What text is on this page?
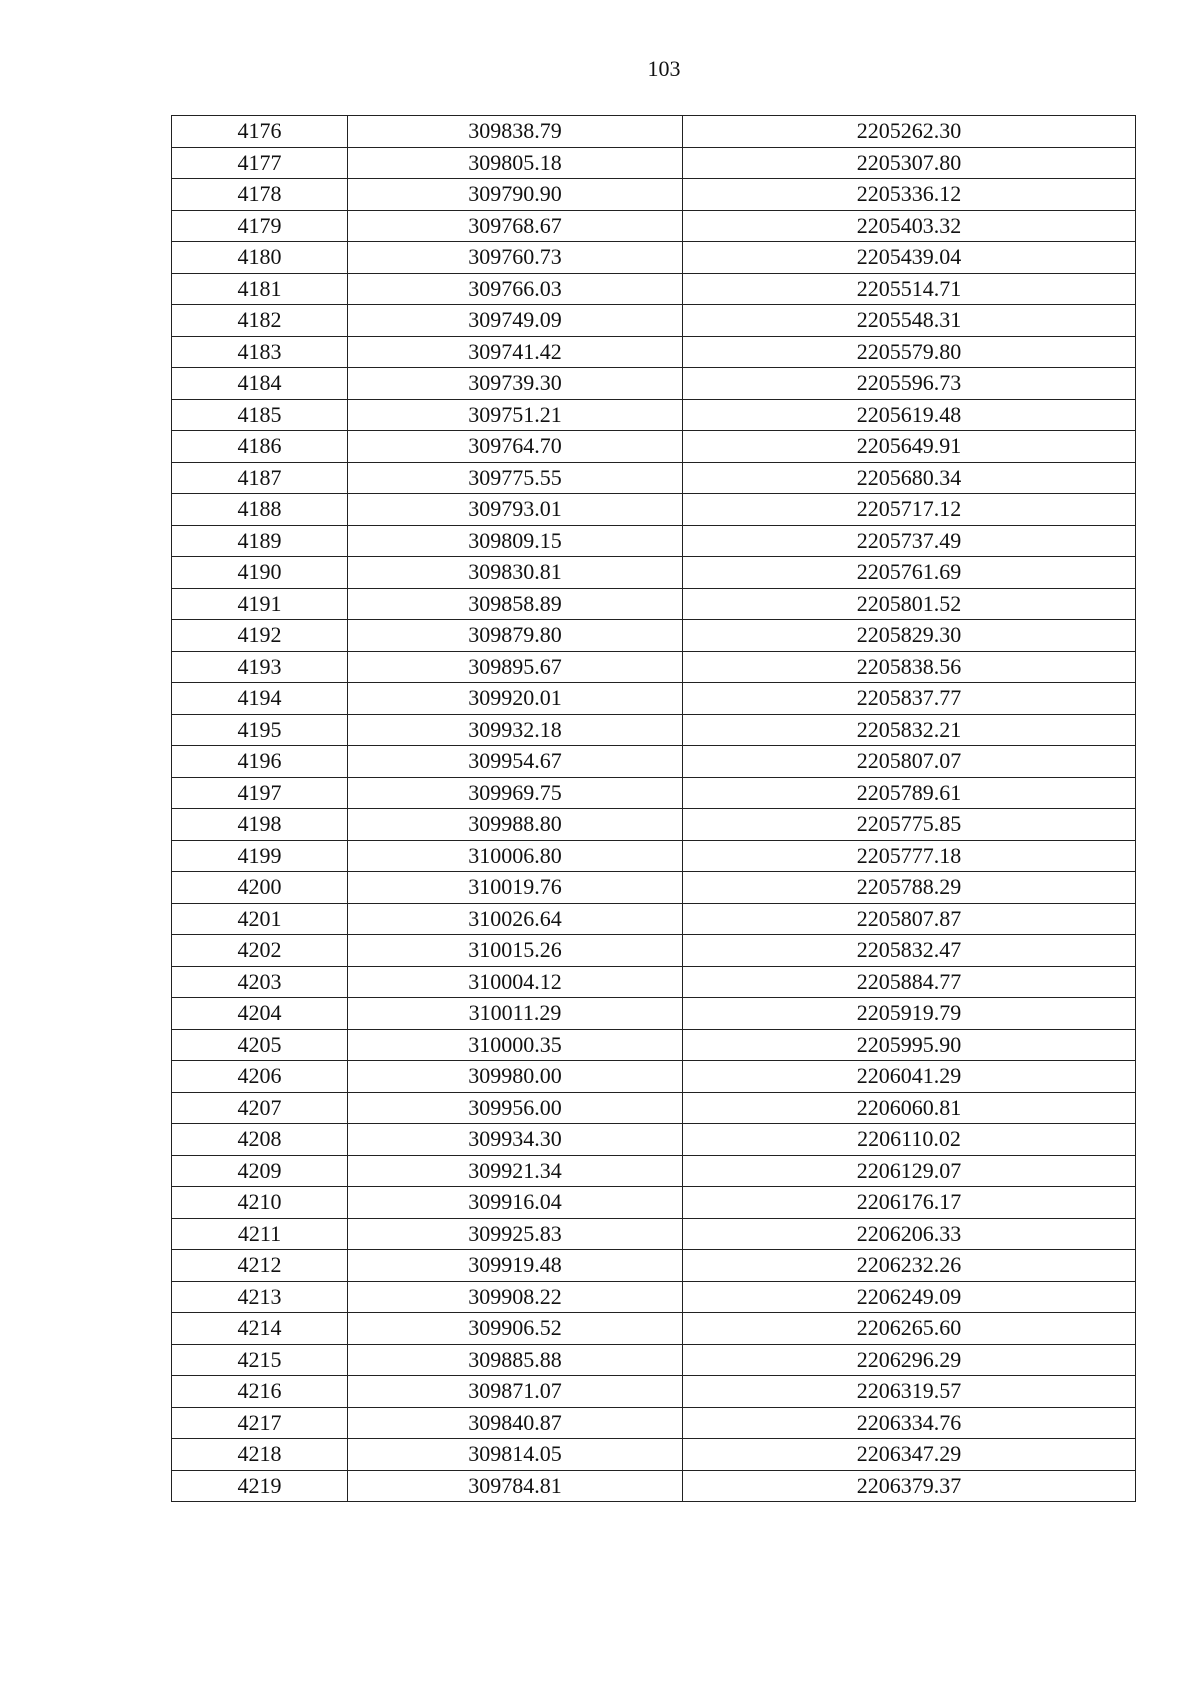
103
4176	309838.79	2205262.30
4177	309805.18	2205307.80
4178	309790.90	2205336.12
4179	309768.67	2205403.32
4180	309760.73	2205439.04
4181	309766.03	2205514.71
4182	309749.09	2205548.31
4183	309741.42	2205579.80
4184	309739.30	2205596.73
4185	309751.21	2205619.48
4186	309764.70	2205649.91
4187	309775.55	2205680.34
4188	309793.01	2205717.12
4189	309809.15	2205737.49
4190	309830.81	2205761.69
4191	309858.89	2205801.52
4192	309879.80	2205829.30
4193	309895.67	2205838.56
4194	309920.01	2205837.77
4195	309932.18	2205832.21
4196	309954.67	2205807.07
4197	309969.75	2205789.61
4198	309988.80	2205775.85
4199	310006.80	2205777.18
4200	310019.76	2205788.29
4201	310026.64	2205807.87
4202	310015.26	2205832.47
4203	310004.12	2205884.77
4204	310011.29	2205919.79
4205	310000.35	2205995.90
4206	309980.00	2206041.29
4207	309956.00	2206060.81
4208	309934.30	2206110.02
4209	309921.34	2206129.07
4210	309916.04	2206176.17
4211	309925.83	2206206.33
4212	309919.48	2206232.26
4213	309908.22	2206249.09
4214	309906.52	2206265.60
4215	309885.88	2206296.29
4216	309871.07	2206319.57
4217	309840.87	2206334.76
4218	309814.05	2206347.29
4219	309784.81	2206379.37
